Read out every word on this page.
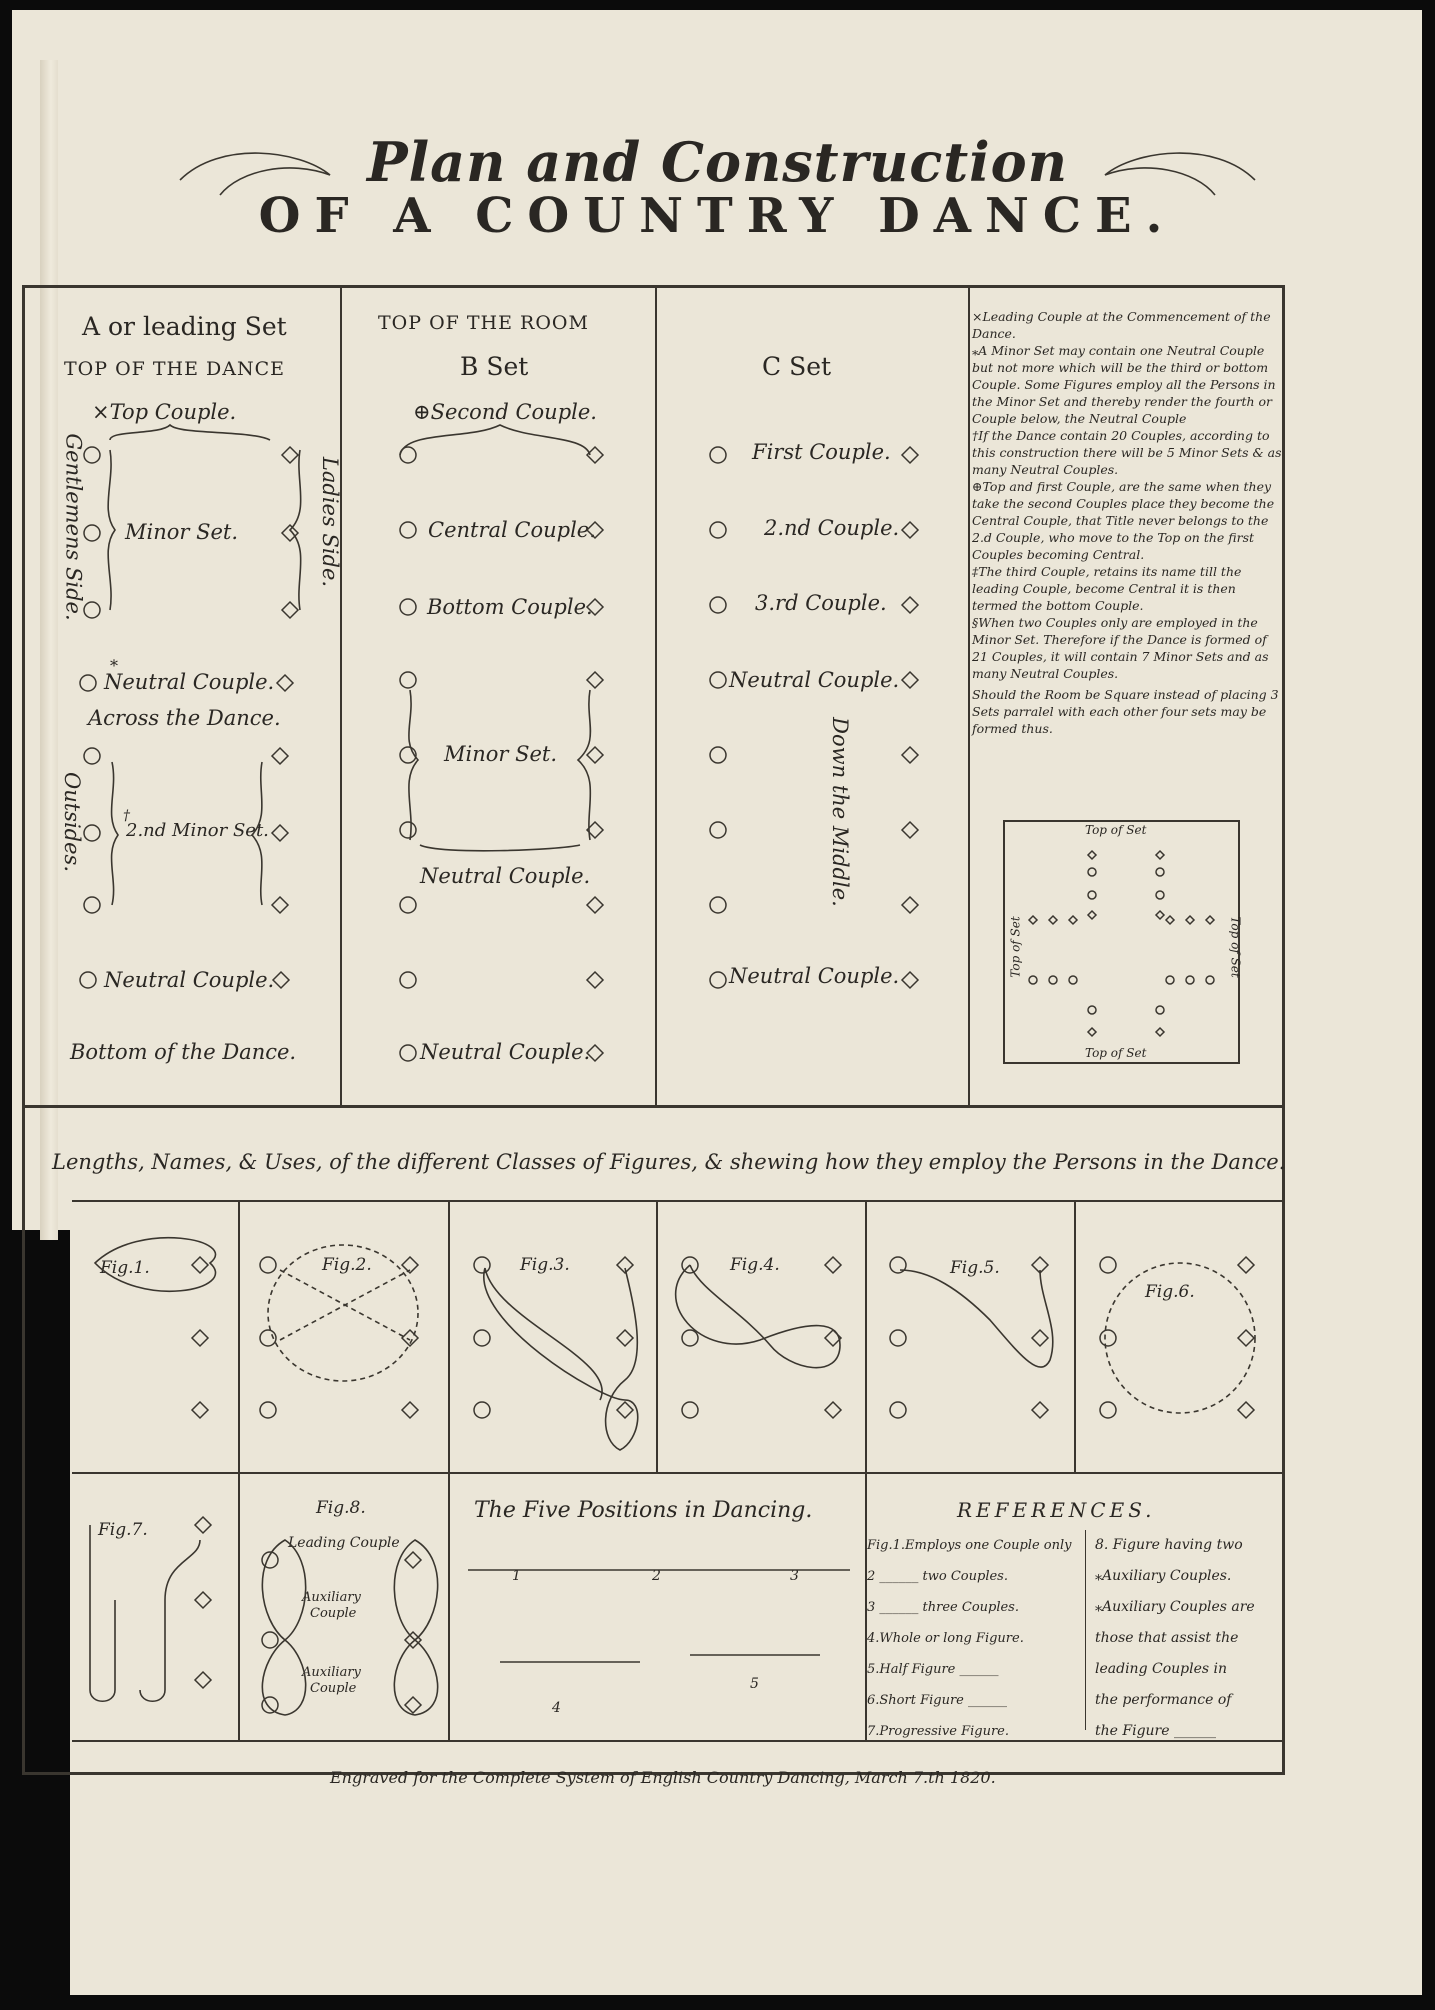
Plan and Construction
OF A COUNTRY DANCE.
A or leading Set
TOP OF THE DANCE
×Top Couple.
Gentlemens Side.	Ladies Side.
Minor Set.
⁎
Neutral Couple.
Across the Dance.
Outsides.	†
2.nd Minor Set.
Neutral Couple.
Bottom of the Dance.
TOP OF THE ROOM
B Set
⊕Second Couple.
Central Couple.
Bottom Couple.
Minor Set.
Neutral Couple.
Neutral Couple.
C Set
First Couple.
2.nd Couple.
3.rd Couple.
Neutral Couple.
Down the Middle.
Neutral Couple.

×Leading Couple at the Commencement of the Dance.

⁎A Minor Set may contain one Neutral Couple but not more which will be the third or bottom Couple. Some Figures employ all the Persons in the Minor Set and thereby render the fourth or Couple below, the Neutral Couple

†If the Dance contain 20 Couples, according to this construction there will be 5 Minor Sets & as many Neutral Couples.

⊕Top and first Couple, are the same when they take the second Couples place they become the Central Couple, that Title never belongs to the 2.d Couple, who move to the Top on the first Couples becoming Central.

‡The third Couple, retains its name till the leading Couple, become Central it is then termed the bottom Couple.

§When two Couples only are employed in the Minor Set. Therefore if the Dance is formed of 21 Couples, it will contain 7 Minor Sets and as many Neutral Couples.

Should the Room be Square instead of placing 3 Sets parralel with each other four sets may be formed thus.

Top of Set
Top of Set
Top of Set	Top of Set
Lengths, Names, & Uses, of the different Classes of Figures, & shewing how they employ the Persons in the Dance.
Fig.1.	Fig.2.	Fig.3.	Fig.4.	Fig.5.
Fig.6.
Fig.7.
Fig.8.
Leading Couple
Auxiliary
Couple
Auxiliary
Couple
The Five Positions in Dancing.
1	2	3
4
5
REFERENCES.
Fig.1.Employs one Couple only
2 ______ two Couples.
3 ______ three Couples.
4.Whole or long Figure.
5.Half Figure ______
6.Short Figure ______
7.Progressive Figure.
8. Figure having two
⁎Auxiliary Couples.
⁎Auxiliary Couples are
those that assist the
leading Couples in
the performance of
the Figure ______
Engraved for the Complete System of English Country Dancing, March 7.th 1820.
